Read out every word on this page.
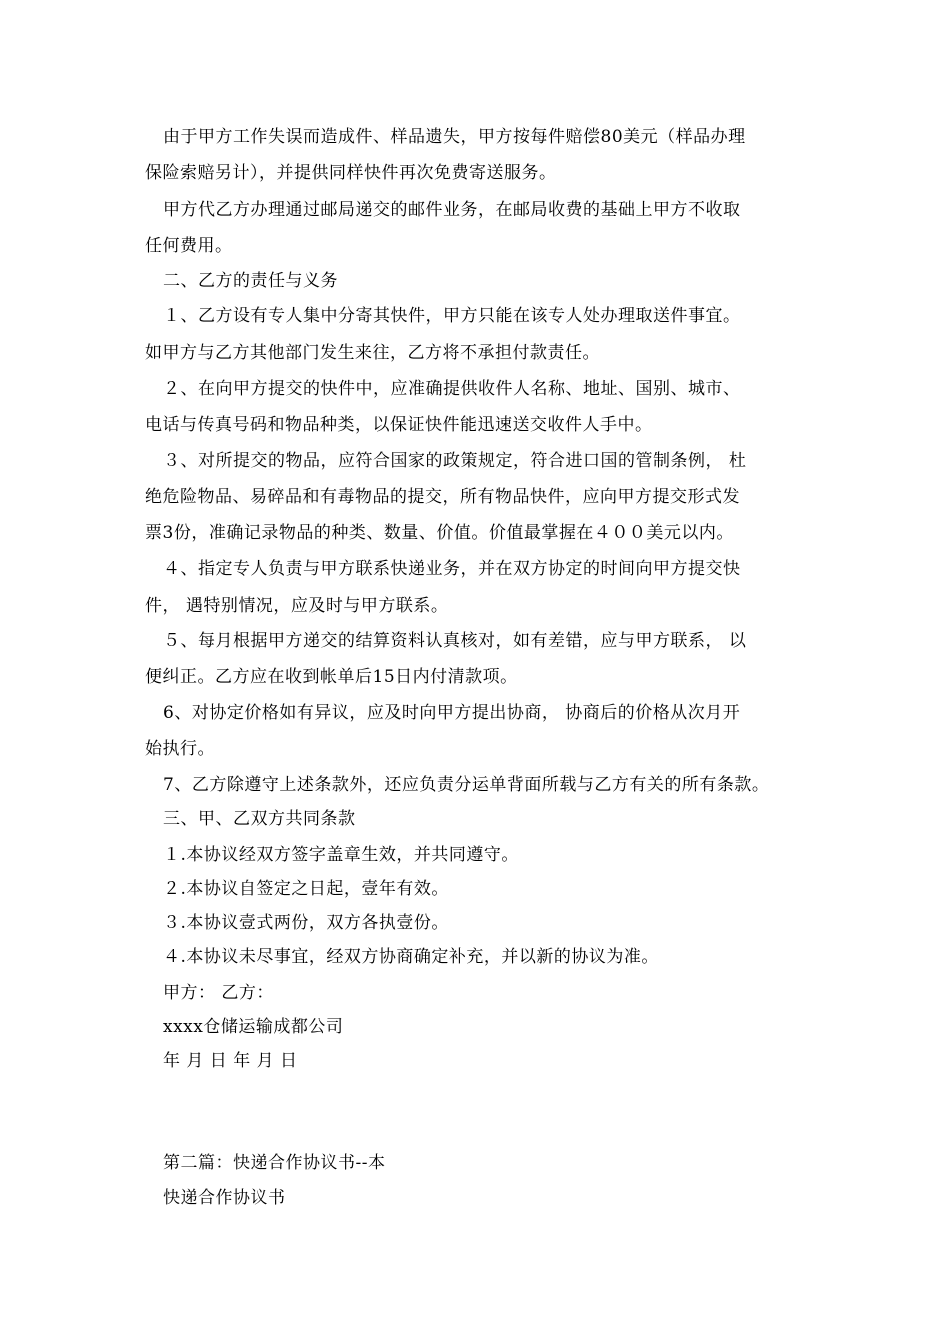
由于甲方工作失误而造成件、样品遗失，甲方按每件赔偿80美元（样品办理
保险索赔另计），并提供同样快件再次免费寄送服务。
甲方代乙方办理通过邮局递交的邮件业务，在邮局收费的基础上甲方不收取
任何费用。
二、乙方的责任与义务
１、乙方设有专人集中分寄其快件，甲方只能在该专人处办理取送件事宜。
如甲方与乙方其他部门发生来往，乙方将不承担付款责任。
２、在向甲方提交的快件中，应准确提供收件人名称、地址、国别、城市、
电话与传真号码和物品种类，以保证快件能迅速送交收件人手中。
３、对所提交的物品，应符合国家的政策规定，符合进口国的管制条例， 杜
绝危险物品、易碎品和有毒物品的提交，所有物品快件，应向甲方提交形式发
票3份，准确记录物品的种类、数量、价值。价值最掌握在４００美元以内。
４、指定专人负责与甲方联系快递业务，并在双方协定的时间向甲方提交快
件， 遇特别情况，应及时与甲方联系。
５、每月根据甲方递交的结算资料认真核对，如有差错，应与甲方联系， 以
便纠正。乙方应在收到帐单后15日内付清款项。
6、对协定价格如有异议，应及时向甲方提出协商， 协商后的价格从次月开
始执行。
7、乙方除遵守上述条款外，还应负责分运单背面所载与乙方有关的所有条款。
三、甲、乙双方共同条款
１.本协议经双方签字盖章生效，并共同遵守。
２.本协议自签定之日起，壹年有效。
３.本协议壹式两份，双方各执壹份。
４.本协议未尽事宜，经双方协商确定补充，并以新的协议为准。
甲方： 乙方：
xxxx仓储运输成都公司
年 月 日 年 月 日
第二篇：快递合作协议书--本
快递合作协议书
